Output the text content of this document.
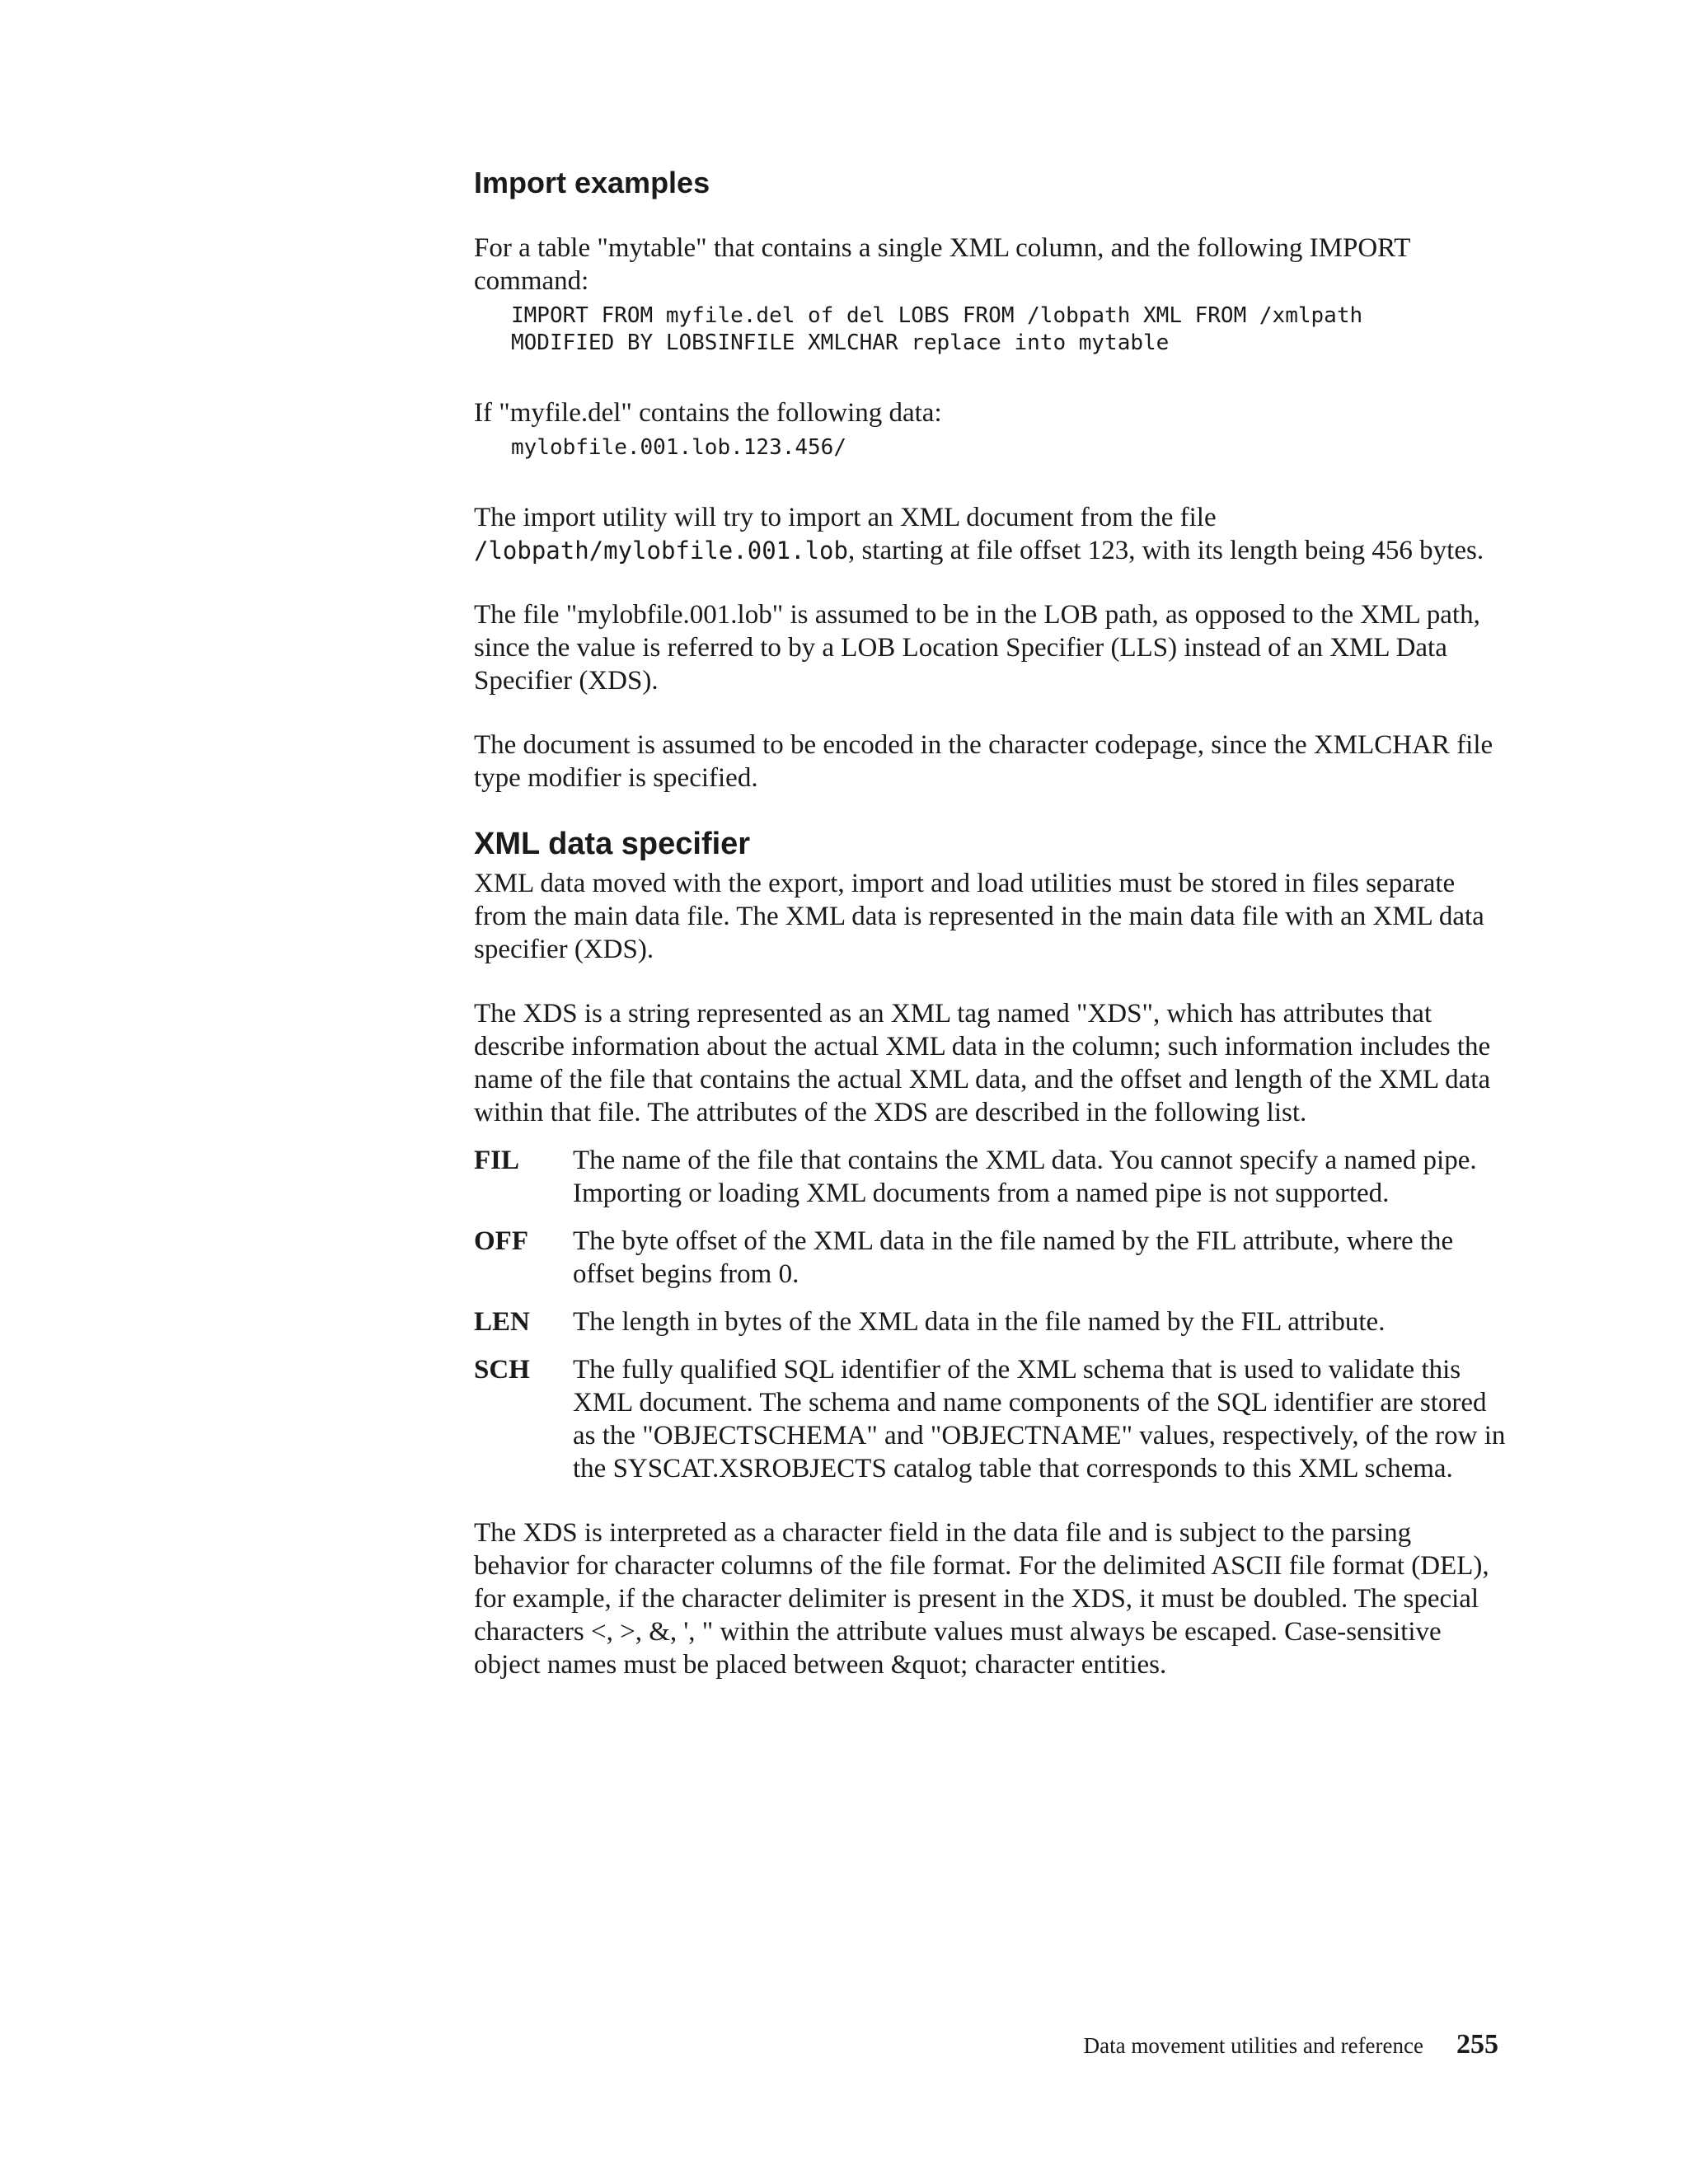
Import examples

For a table "mytable" that contains a single XML column, and the following IMPORT command:

IMPORT FROM myfile.del of del LOBS FROM /lobpath XML FROM /xmlpath
MODIFIED BY LOBSINFILE XMLCHAR replace into mytable

If "myfile.del" contains the following data:

mylobfile.001.lob.123.456/

The import utility will try to import an XML document from the file /lobpath/mylobfile.001.lob, starting at file offset 123, with its length being 456 bytes.

The file "mylobfile.001.lob" is assumed to be in the LOB path, as opposed to the XML path, since the value is referred to by a LOB Location Specifier (LLS) instead of an XML Data Specifier (XDS).

The document is assumed to be encoded in the character codepage, since the XMLCHAR file type modifier is specified.

XML data specifier

XML data moved with the export, import and load utilities must be stored in files separate from the main data file. The XML data is represented in the main data file with an XML data specifier (XDS).

The XDS is a string represented as an XML tag named "XDS", which has attributes that describe information about the actual XML data in the column; such information includes the name of the file that contains the actual XML data, and the offset and length of the XML data within that file. The attributes of the XDS are described in the following list.

FIL	The name of the file that contains the XML data. You cannot specify a named pipe. Importing or loading XML documents from a named pipe is not supported.
OFF	The byte offset of the XML data in the file named by the FIL attribute, where the offset begins from 0.
LEN	The length in bytes of the XML data in the file named by the FIL attribute.
SCH	The fully qualified SQL identifier of the XML schema that is used to validate this XML document. The schema and name components of the SQL identifier are stored as the "OBJECTSCHEMA" and "OBJECTNAME" values, respectively, of the row in the SYSCAT.XSROBJECTS catalog table that corresponds to this XML schema.

The XDS is interpreted as a character field in the data file and is subject to the parsing behavior for character columns of the file format. For the delimited ASCII file format (DEL), for example, if the character delimiter is present in the XDS, it must be doubled. The special characters <, >, &, ', " within the attribute values must always be escaped. Case-sensitive object names must be placed between &quot; character entities.

Data movement utilities and reference 255
